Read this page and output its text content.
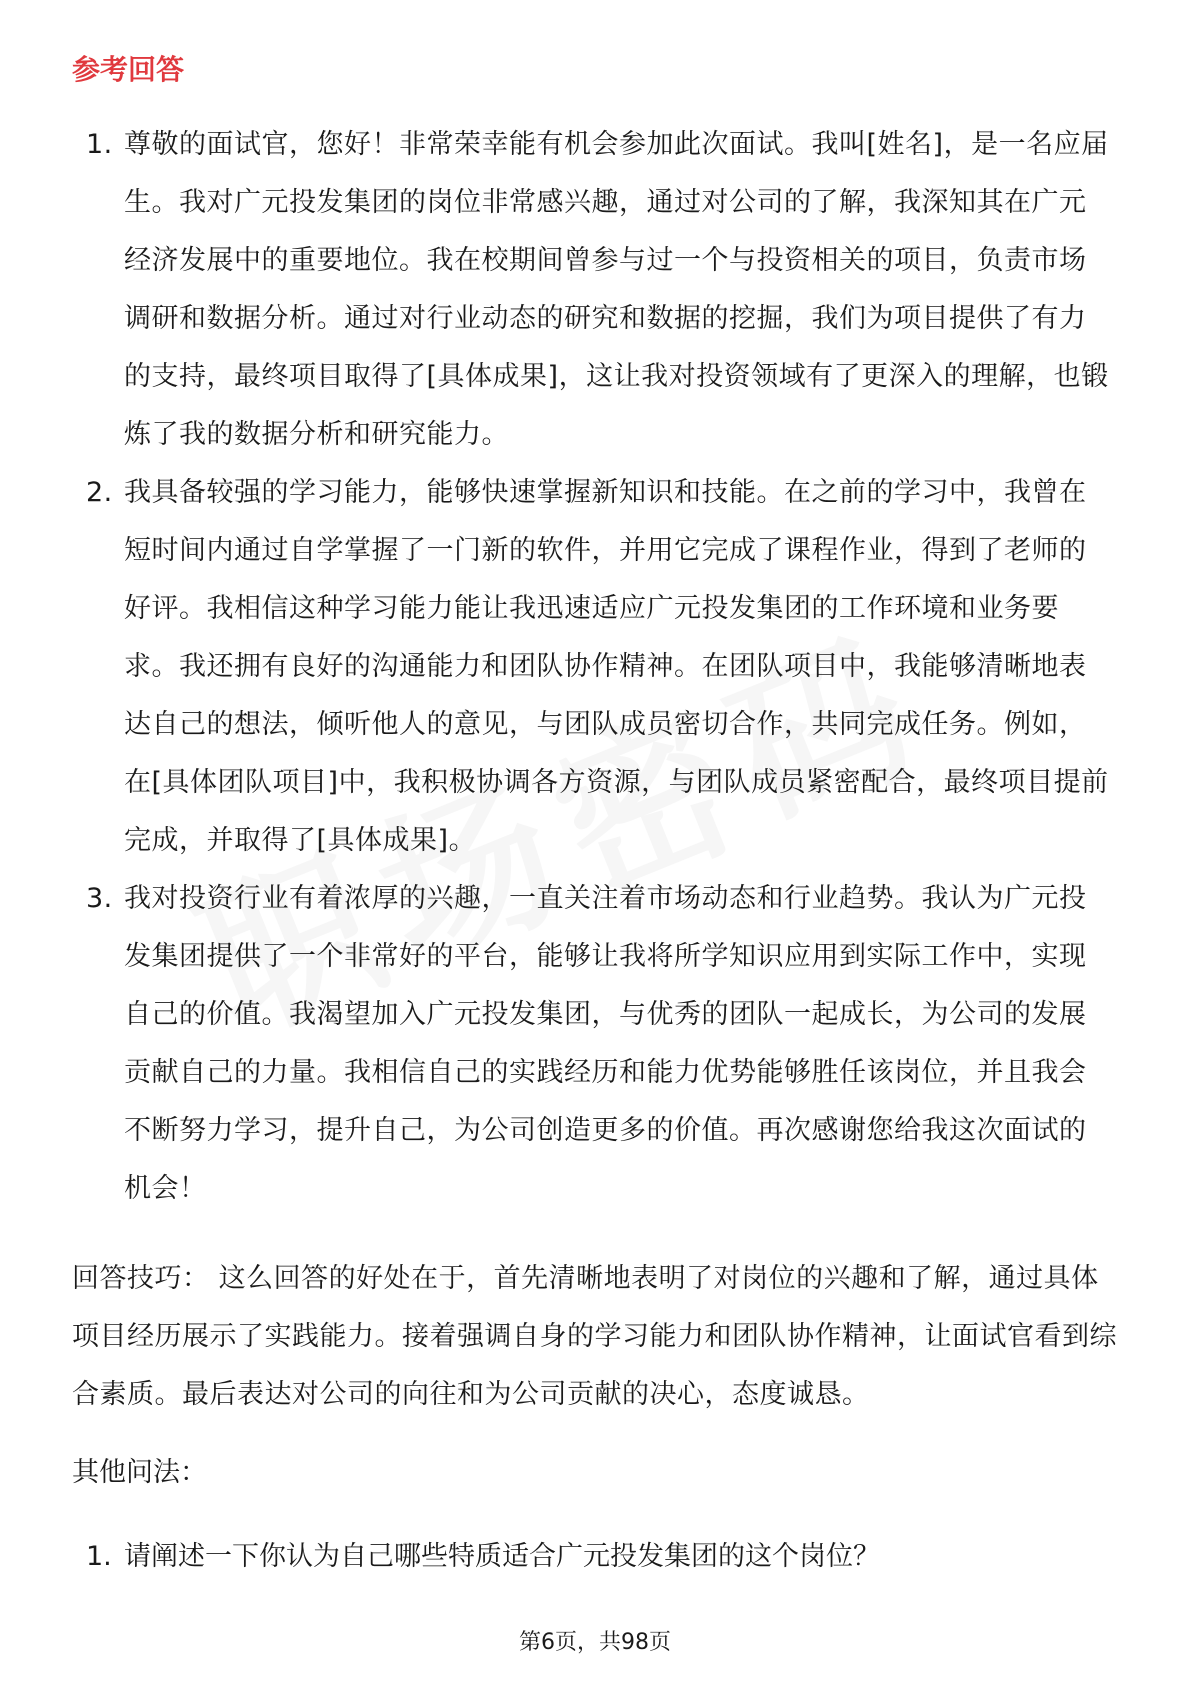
参考回答
1. 尊敬的面试官，您好！非常荣幸能有机会参加此次面试。我叫[姓名]，是一名应届生。我对广元投发集团的岗位非常感兴趣，通过对公司的了解，我深知其在广元经济发展中的重要地位。我在校期间曾参与过一个与投资相关的项目，负责市场调研和数据分析。通过对行业动态的研究和数据的挖掘，我们为项目提供了有力的支持，最终项目取得了[具体成果]，这让我对投资领域有了更深入的理解，也锻炼了我的数据分析和研究能力。
2. 我具备较强的学习能力，能够快速掌握新知识和技能。在之前的学习中，我曾在短时间内通过自学掌握了一门新的软件，并用它完成了课程作业，得到了老师的好评。我相信这种学习能力能让我迅速适应广元投发集团的工作环境和业务要求。我还拥有良好的沟通能力和团队协作精神。在团队项目中，我能够清晰地表达自己的想法，倾听他人的意见，与团队成员密切合作，共同完成任务。例如，在[具体团队项目]中，我积极协调各方资源，与团队成员紧密配合，最终项目提前完成，并取得了[具体成果]。
3. 我对投资行业有着浓厚的兴趣，一直关注着市场动态和行业趋势。我认为广元投发集团提供了一个非常好的平台，能够让我将所学知识应用到实际工作中，实现自己的价值。我渴望加入广元投发集团，与优秀的团队一起成长，为公司的发展贡献自己的力量。我相信自己的实践经历和能力优势能够胜任该岗位，并且我会不断努力学习，提升自己，为公司创造更多的价值。再次感谢您给我这次面试的机会！

回答技巧： 这么回答的好处在于，首先清晰地表明了对岗位的兴趣和了解，通过具体项目经历展示了实践能力。接着强调自身的学习能力和团队协作精神，让面试官看到综合素质。最后表达对公司的向往和为公司贡献的决心，态度诚恳。

其他问法：

1. 请阐述一下你认为自己哪些特质适合广元投发集团的这个岗位？
第6页，共98页
